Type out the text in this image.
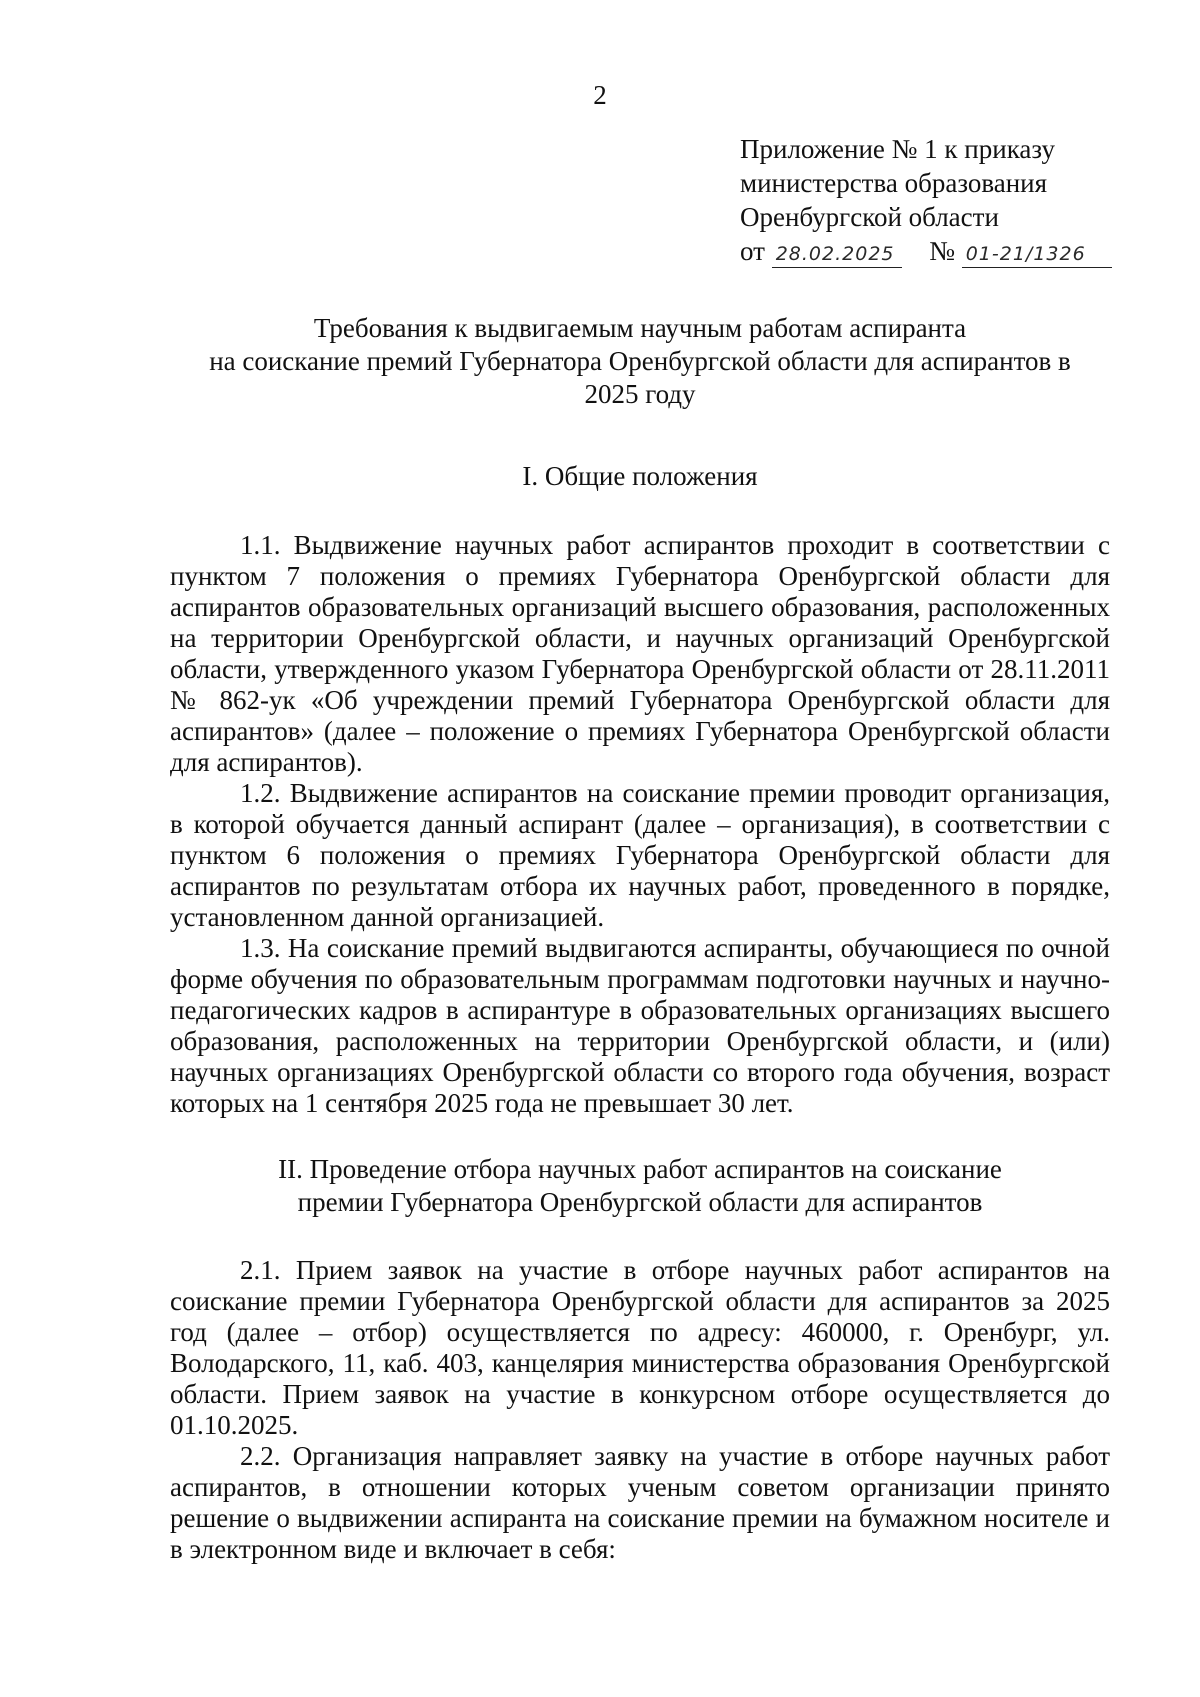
2
Приложение № 1 к приказу
министерства образования
Оренбургской области
от 28.02.2025 № 01-21/1326
Требования к выдвигаемым научным работам аспиранта
на соискание премий Губернатора Оренбургской области для аспирантов в
2025 году
I. Общие положения

1.1. Выдвижение научных работ аспирантов проходит в соответствии с пунктом 7 положения о премиях Губернатора Оренбургской области для аспирантов образовательных организаций высшего образования, расположенных на территории Оренбургской области, и научных организаций Оренбургской области, утвержденного указом Губернатора Оренбургской области от 28.11.2011 № 862-ук «Об учреждении премий Губернатора Оренбургской области для аспирантов» (далее – положение о премиях Губернатора Оренбургской области для аспирантов).

1.2. Выдвижение аспирантов на соискание премии проводит организация, в которой обучается данный аспирант (далее – организация), в соответствии с пунктом 6 положения о премиях Губернатора Оренбургской области для аспирантов по результатам отбора их научных работ, проведенного в порядке, установленном данной организацией.

1.3. На соискание премий выдвигаются аспиранты, обучающиеся по очной форме обучения по образовательным программам подготовки научных и научно-педагогических кадров в аспирантуре в образовательных организациях высшего образования, расположенных на территории Оренбургской области, и (или) научных организациях Оренбургской области со второго года обучения, возраст которых на 1 сентября 2025 года не превышает 30 лет.

II. Проведение отбора научных работ аспирантов на соискание
премии Губернатора Оренбургской области для аспирантов

2.1. Прием заявок на участие в отборе научных работ аспирантов на соискание премии Губернатора Оренбургской области для аспирантов за 2025 год (далее – отбор) осуществляется по адресу: 460000, г. Оренбург, ул. Володарского, 11, каб. 403, канцелярия министерства образования Оренбургской области. Прием заявок на участие в конкурсном отборе осуществляется до 01.10.2025.

2.2. Организация направляет заявку на участие в отборе научных работ аспирантов, в отношении которых ученым советом организации принято решение о выдвижении аспиранта на соискание премии на бумажном носителе и в электронном виде и включает в себя:
